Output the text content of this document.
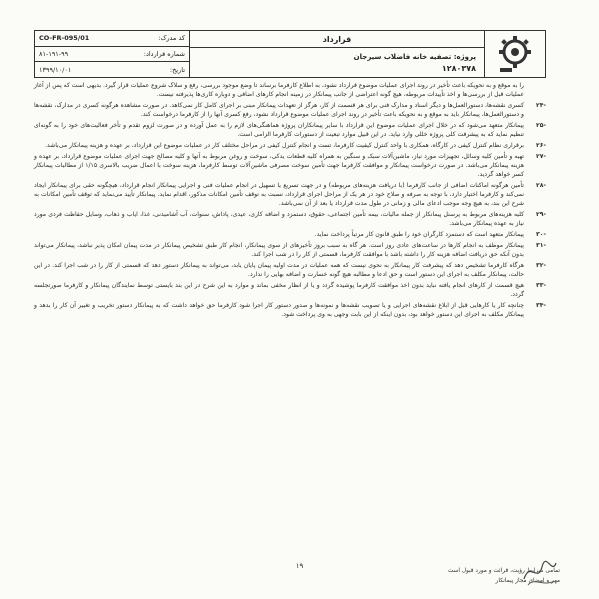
کد مدرک:
CO-FR-095/01
شماره قرارداد:
۸۱-۱۹۱-۹۹
تاریخ:
۱۳۹۹/۱۰/۰۱
قرارداد
پروژه: تصفیه خانه فاضلاب سیرجان
۱۲۸۰۳۷۸
را به موقع و به نحویکه باعث تأخیر در روند اجرای عملیات موضوع قرارداد نشود، به اطلاع کارفرما برساند تا وضع موجود بررسی، رفع و سلاک شروع عملیات قرار گیرد. بدیهی است که پس از آغاز عملیات قبل از بررسی‌ها و اخذ تأییدات مربوطه، هیچ گونه اعتراضی از جانب پیمانکار در زمینه انجام کارهای اضافی و دوباره کاری‌ها پذیرفته نیست.
-۲۴
کسری نقشه‌ها، دستورالعمل‌ها و دیگر اسناد و مدارک فنی برای هر قسمت از کار، هرگز از تعهدات پیمانکار مبنی بر اجرای کامل کار نمی‌کاهد. در صورت مشاهده هرگونه کسری در مدارک، نقشه‌ها و دستورالعمل‌ها، پیمانکار باید به موقع و به نحویکه باعث تأخیر در روند اجرای عملیات موضوع قرارداد نشود، رفع کسری آنها را از کارفرما درخواست کند.
-۲۵
پیمانکار متعهد می‌شود که در خلال اجرای عملیات موضوع این قرارداد با سایر پیمانکاران پروژه هماهنگی‌های لازم را به عمل آورده و در صورت لزوم تقدم و تأخر فعالیت‌های خود را به گونه‌ای تنظیم نماید که به پیشرفت کلی پروژه خللی وارد نیاید. در این قبیل موارد تبعیت از دستورات کارفرما الزامی است.
-۲۶
برقراری نظام کنترل کیفی در کارگاه، همکاری با واحد کنترل کیفیت کارفرما، تست و انجام کنترل کیفی در مراحل مختلف کار در عملیات موضوع این قرارداد، بر عهده و هزینه پیمانکار می‌باشد.
-۲۷
تهیه و تأمین کلیه وسائل، تجهیزات مورد نیاز، ماشین‌آلات سبک و سنگین به همراه کلیه قطعات یدکی، سوخت و روغن مربوط به آنها و کلیه مصالح جهت اجرای عملیات موضوع قرارداد، بر عهده و هزینه پیمانکار می‌باشد. در صورت درخواست پیمانکار و موافقت کارفرما جهت تأمین سوخت مصرفی ماشین‌آلات توسط کارفرما، هزینه سوخت با اعمال ضریب بالاسری ۱/۱۵ از مطالبات پیمانکار کسر خواهد گردید.
-۲۸
تأمین هرگونه اماکنات اضافی از جانب کارفرما (با دریافت هزینه‌های مربوطه) و در جهت تسریع یا تسهیل در انجام عملیات فنی و اجرایی پیمانکار انجام قرارداد، هیچگونه حقی برای پیمانکار ایجاد نمی‌کند و کارفرما اختیار دارد، با توجه به صرفه و صلاح خود در هر یک از مراحل اجرای قرارداد، نسبت به توقف تأمین امکانات مذکور، اقدام نماید. پیمانکار تأیید می‌نماید که توقف تأمین امکانات به شرح این بند، به هیچ وجه موجب ادعای مالی و زمانی در طول مدت قرارداد یا بعد از آن نمی‌باشد.
-۲۹
کلیه هزینه‌های مربوط به پرسنل پیمانکار از جمله مالیات، بیمه تأمین اجتماعی، حقوق، دستمزد و اضافه کاری، عیدی، پاداش، سنوات، آب آشامیدنی، غذا، ایاب و ذهاب، وسایل حفاظت فردی مورد نیاز به عهده پیمانکار می‌باشد.
-۳۰
پیمانکار متعهد است که دستمزد کارگران خود را طبق قانون کار مرتباً پرداخت نماید.
-۳۱
پیمانکار موظف به انجام کارها در ساعت‌های عادی روز است. هر گاه به سبب بروز تأخیرهای از سوی پیمانکار، انجام کار طبق تشخیص پیمانکار در مدت پیمان امکان پذیر نباشد، پیمانکار می‌تواند بدون آنکه حق دریافت اضافه هزینه کار را داشته باشد با موافقت کارفرما، قسمتی از کار را در شب اجرا کند.
-۳۲
هرگاه کارفرما تشخیص دهد که پیشرفت کار پیمانکار به نحوی نیست که همه عملیات در مدت اولیه پیمان پایان یابد، می‌تواند به پیمانکار دستور دهد که قسمتی از کار را در شب اجرا کند. در این حالت، پیمانکار مکلف به اجرای این دستور است و حق ادعا و مطالبه هیچ گونه خسارت و اضافه بهایی را ندارد.
-۳۳
هیچ قسمت از کارهای انجام یافته نباید بدون اخذ موافقت کارفرما پوشیده گردد و یا از انظار مخفی بماند و موارد به این شرح در این بند بایستی توسط نمایندگان پیمانکار و کارفرما صورتجلسه گردد.
-۳۴
چنانچه کار یا کارهایی قبل از ابلاغ نقشه‌های اجرایی و یا تصویب نقشه‌ها و نمونه‌ها و صدور دستور کار اجرا شود کارفرما حق خواهد داشت که به پیمانکار دستور تخریب و تغییر آن کار را بدهد و پیمانکار مکلف به اجرای این دستور خواهد بود، بدون اینکه از این بابت وجهی به وی پرداخت شود.
۱۹
تمامی شرایط رؤیت، قرائت و مورد قبول است
مهر و امضای مجاز پیمانکار
